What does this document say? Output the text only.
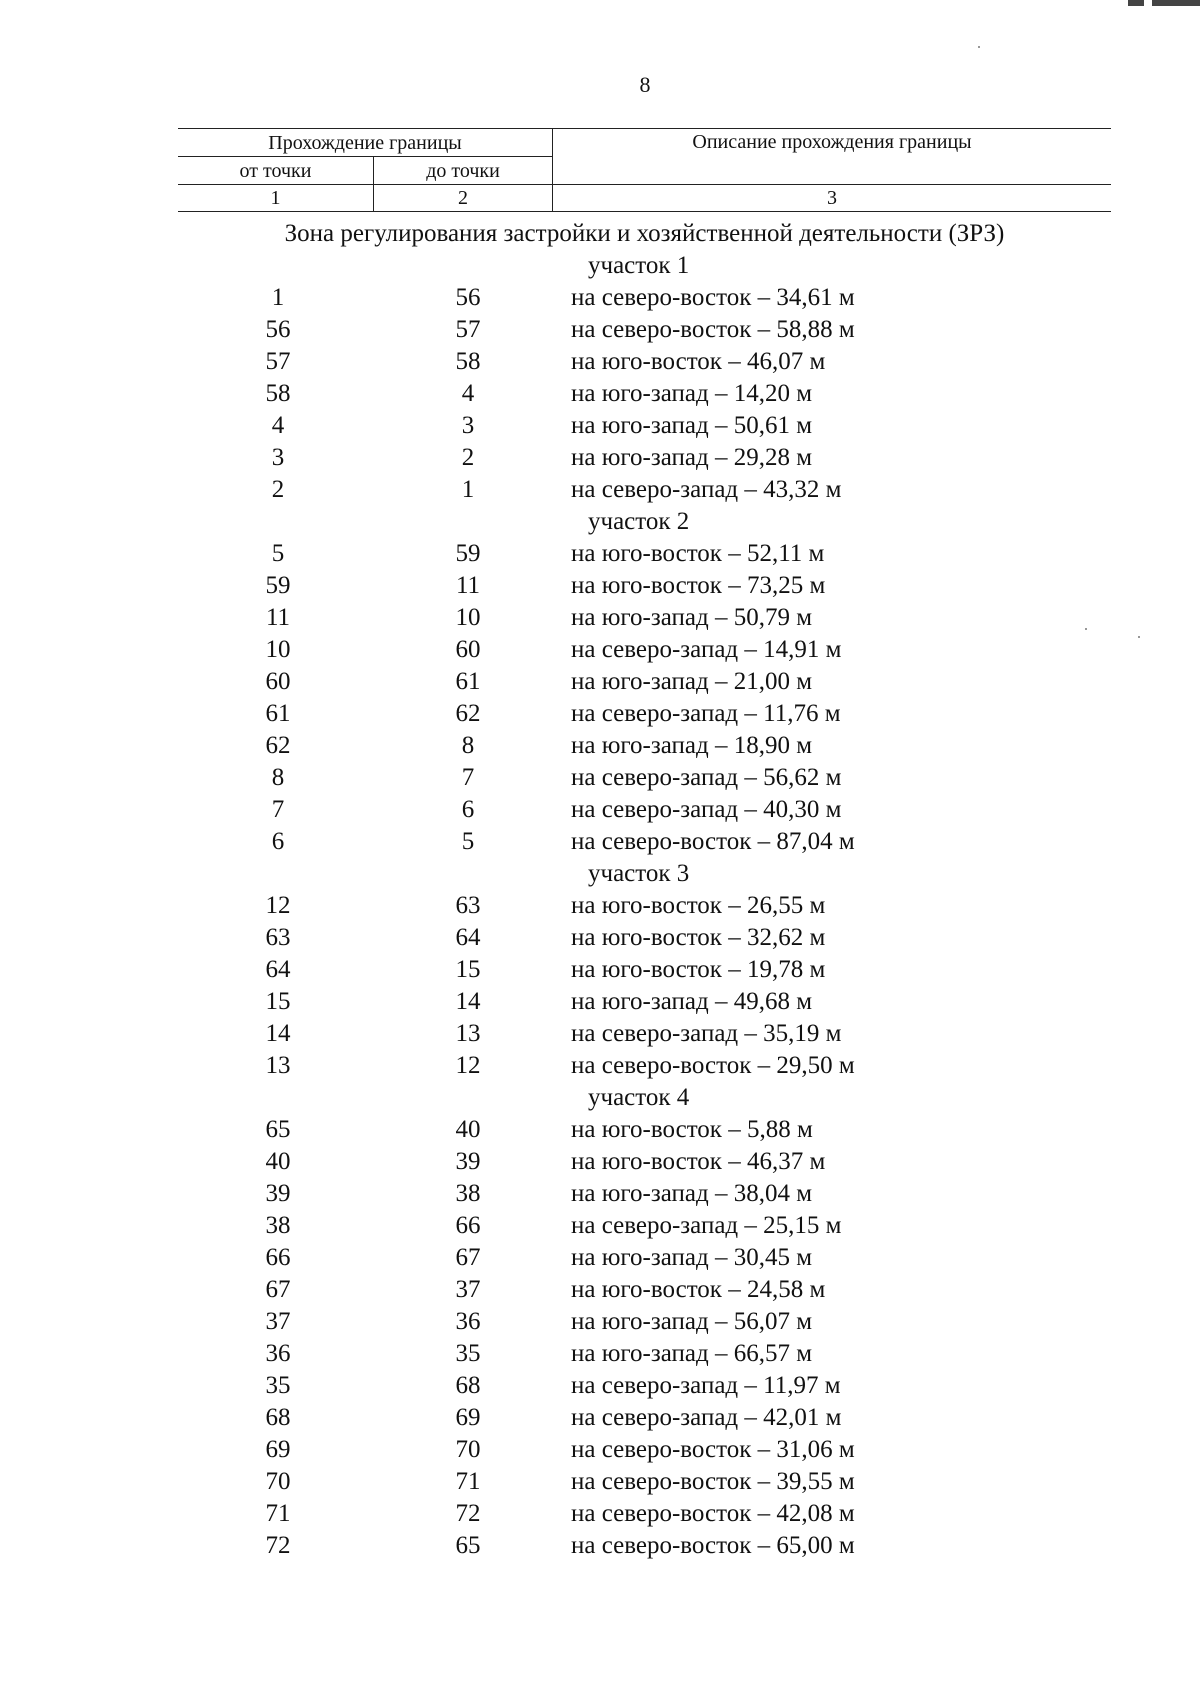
8
Прохождение границы		Описание прохождения границы
от точки	до точки	
1	2	3
Зона регулирования застройки и хозяйственной деятельности (ЗРЗ)
участок 1
1	56	на северо-восток – 34,61 м
56	57	на северо-восток – 58,88 м
57	58	на юго-восток – 46,07 м
58	4	на юго-запад – 14,20 м
4	3	на юго-запад – 50,61 м
3	2	на юго-запад – 29,28 м
2	1	на северо-запад – 43,32 м
участок 2
5	59	на юго-восток – 52,11 м
59	11	на юго-восток – 73,25 м
11	10	на юго-запад – 50,79 м
10	60	на северо-запад – 14,91 м
60	61	на юго-запад – 21,00 м
61	62	на северо-запад – 11,76 м
62	8	на юго-запад – 18,90 м
8	7	на северо-запад – 56,62 м
7	6	на северо-запад – 40,30 м
6	5	на северо-восток – 87,04 м
участок 3
12	63	на юго-восток – 26,55 м
63	64	на юго-восток – 32,62 м
64	15	на юго-восток – 19,78 м
15	14	на юго-запад – 49,68 м
14	13	на северо-запад – 35,19 м
13	12	на северо-восток – 29,50 м
участок 4
65	40	на юго-восток – 5,88 м
40	39	на юго-восток – 46,37 м
39	38	на юго-запад – 38,04 м
38	66	на северо-запад – 25,15 м
66	67	на юго-запад – 30,45 м
67	37	на юго-восток – 24,58 м
37	36	на юго-запад – 56,07 м
36	35	на юго-запад – 66,57 м
35	68	на северо-запад – 11,97 м
68	69	на северо-запад – 42,01 м
69	70	на северо-восток – 31,06 м
70	71	на северо-восток – 39,55 м
71	72	на северо-восток – 42,08 м
72	65	на северо-восток – 65,00 м
